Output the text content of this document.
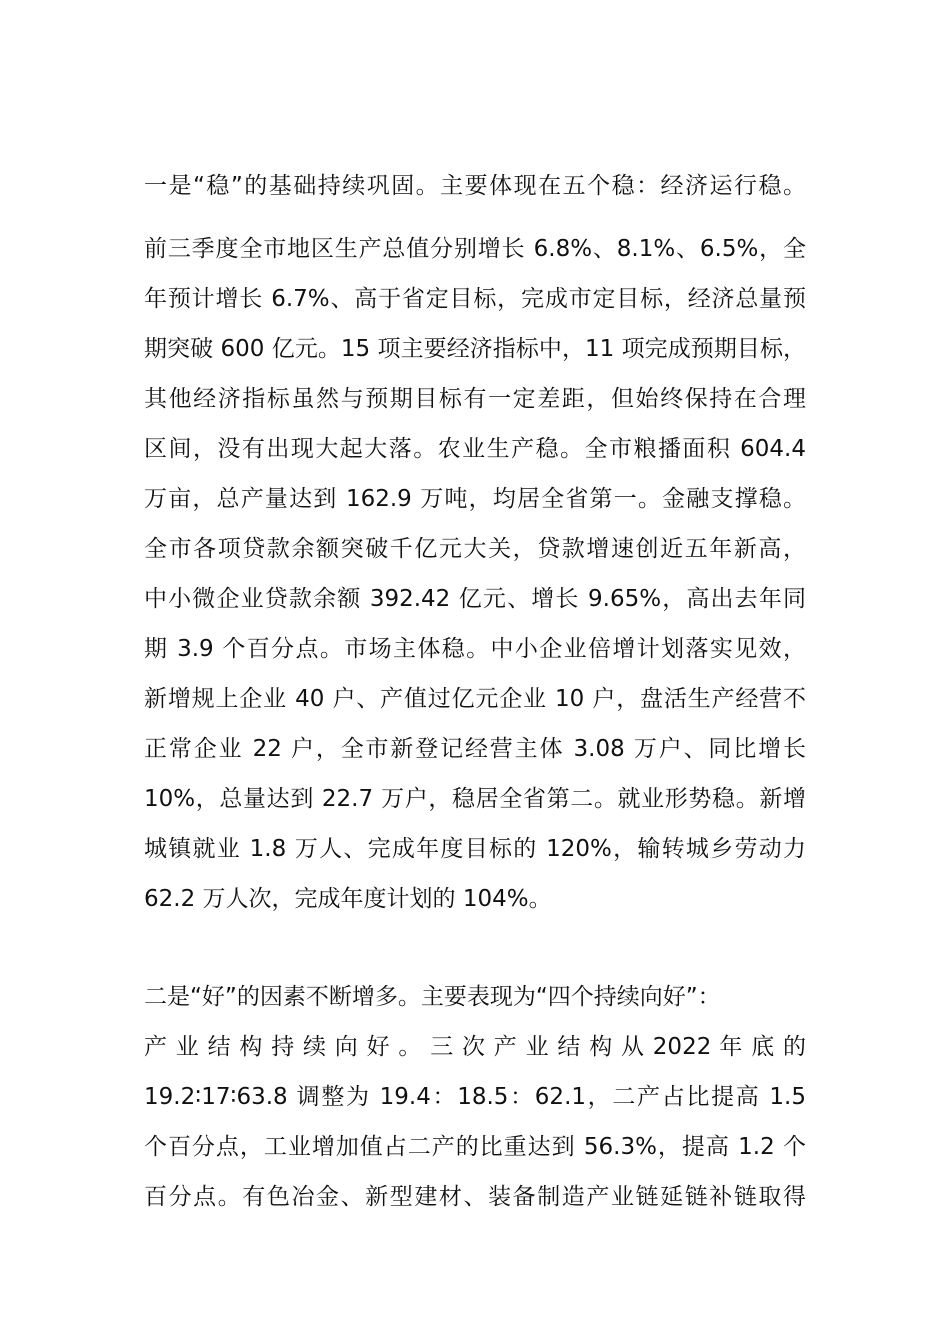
一是“稳”的基础持续巩固。主要体现在五个稳：经济运行稳。
前三季度全市地区生产总值分别增长 6.8%、8.1%、6.5%，全
年预计增长 6.7%、高于省定目标，完成市定目标，经济总量预
期突破 600 亿元。15 项主要经济指标中，11 项完成预期目标，
其他经济指标虽然与预期目标有一定差距，但始终保持在合理
区间，没有出现大起大落。农业生产稳。全市粮播面积 604.4
万亩，总产量达到 162.9 万吨，均居全省第一。金融支撑稳。
全市各项贷款余额突破千亿元大关，贷款增速创近五年新高，
中小微企业贷款余额 392.42 亿元、增长 9.65%，高出去年同
期 3.9 个百分点。市场主体稳。中小企业倍增计划落实见效，
新增规上企业 40 户、产值过亿元企业 10 户，盘活生产经营不
正常企业 22 户，全市新登记经营主体 3.08 万户、同比增长
10%，总量达到 22.7 万户，稳居全省第二。就业形势稳。新增
城镇就业 1.8 万人、完成年度目标的 120%，输转城乡劳动力
62.2 万人次，完成年度计划的 104%。
二是“好”的因素不断增多。主要表现为“四个持续向好”：
产 业 结 构 持 续 向 好 。 三 次 产 业 结 构 从 2022 年 底 的
19.2∶17∶63.8 调整为 19.4：18.5：62.1，二产占比提高 1.5
个百分点，工业增加值占二产的比重达到 56.3%，提高 1.2 个
百分点。有色冶金、新型建材、装备制造产业链延链补链取得
